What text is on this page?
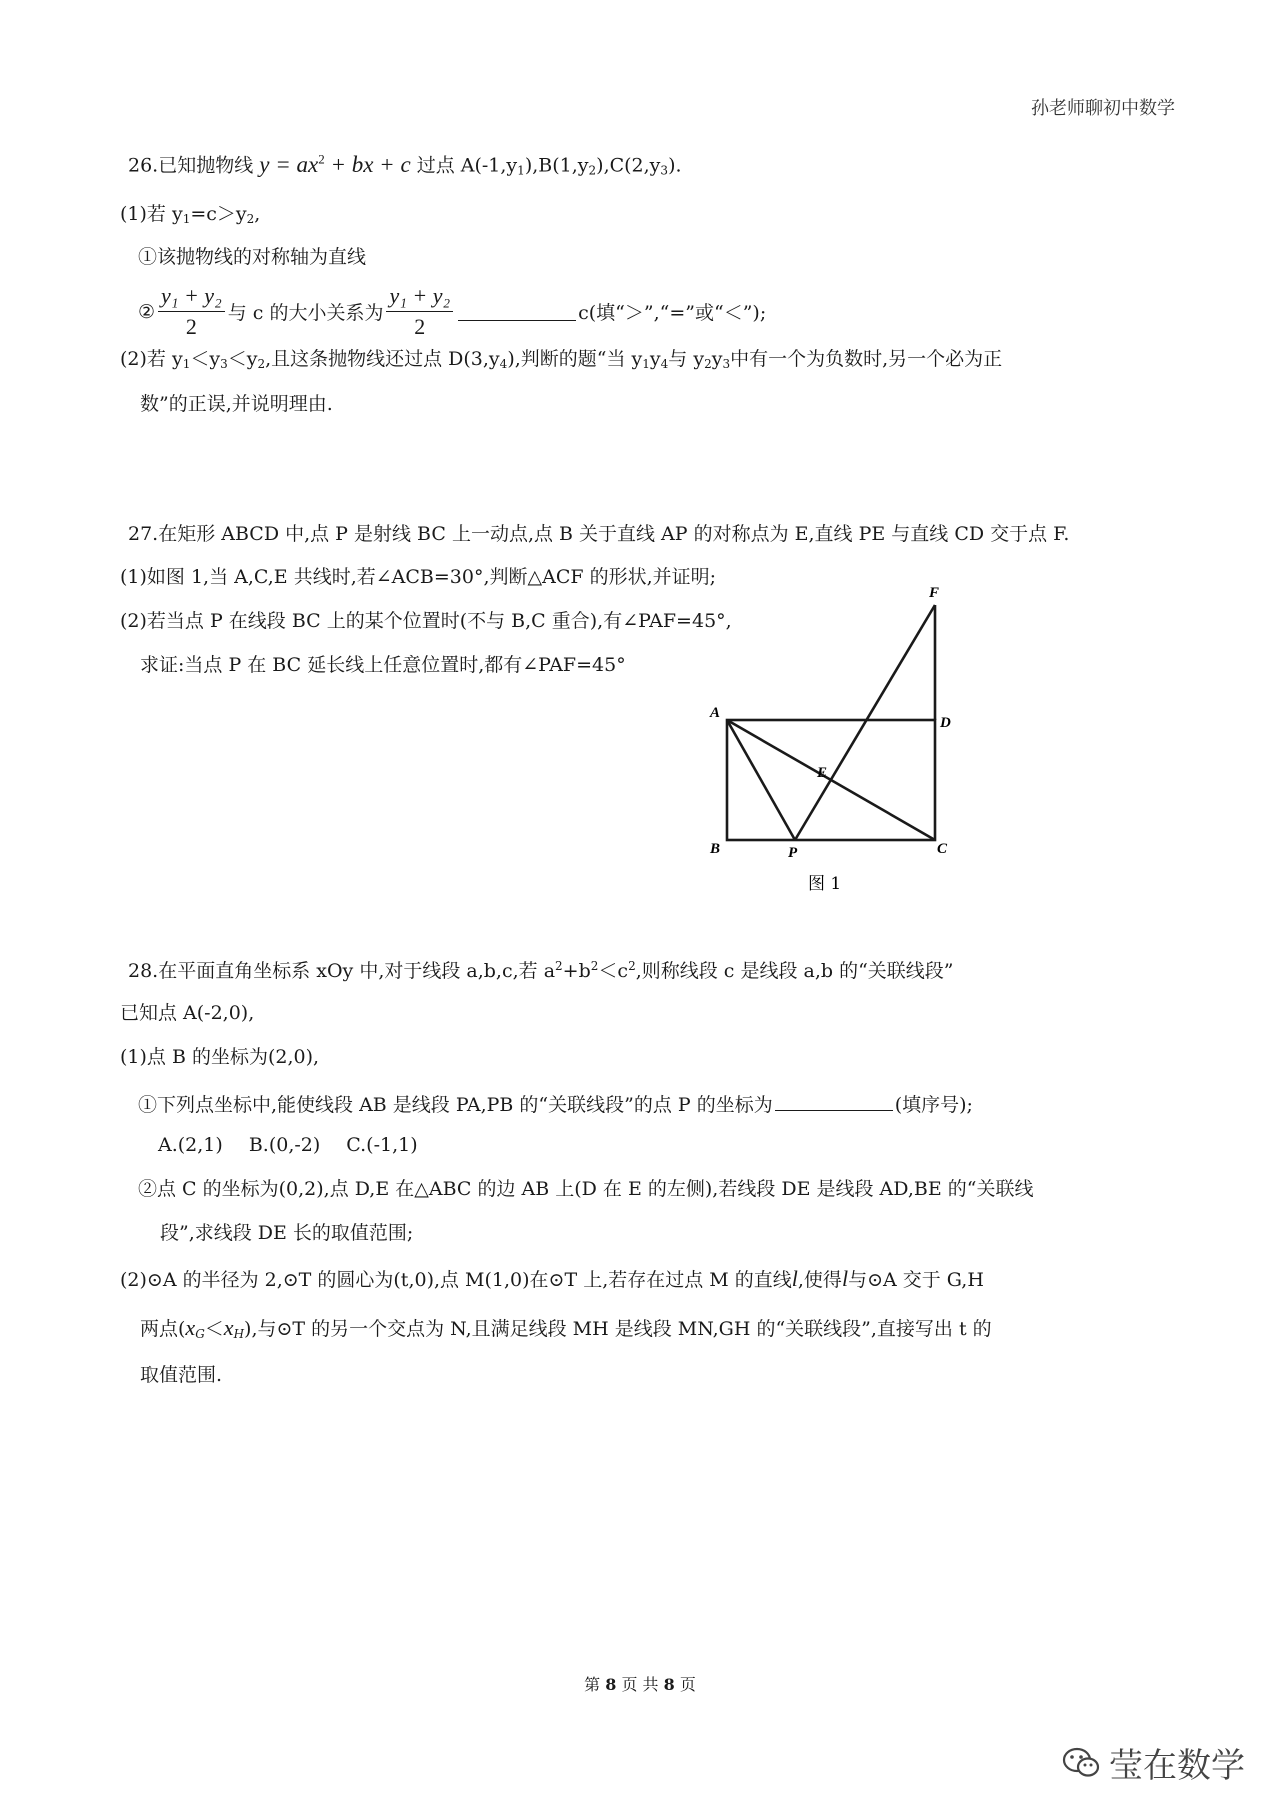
孙老师聊初中数学
26.已知抛物线 $y = ax^2$ + bx + c 过点 $A(-1,y_1),B(1,y_2),C(2,y_3)$.
(1)若 $y_1=c>y_2$,
①该抛物线的对称轴为直线
② $\frac{\text{y₁ + y₂}}{2}$ 与 c 的大小关系为 $\frac{\text{y₁ + y₂}}{2}$	c(填“＞”,“=”或“＜”);
(2)若 $y_1<y_3<y_2$,且这条抛物线还过点 $D(3,y_4)$,判断的题“当 $y_1y_4$与 $y_2y_3$中有一个为负数时,另一个必为正
数”的正误,并说明理由.
27.在矩形 ABCD 中,点 P 是射线 BC 上一动点,点 B 关于直线 AP 的对称点为 E,直线 PE 与直线 CD 交于点 F.
(1)如图 1,当 A,C,E 共线时,若∠ACB=30°,判断△ACF 的形状,并证明;
(2)若当点 P 在线段 BC 上的某个位置时(不与 B,C 重合),有∠PAF=45°,
求证:当点 P 在 BC 延长线上任意位置时,都有∠PAF=45°
A
D
E
F
B	P	C
图 1
28.在平面直角坐标系 xOy 中,对于线段 a,b,c,若 $a^2+b^2<c^2$,则称线段 c 是线段 a,b 的“关联线段”
已知点 A(-2,0),
(1)点 B 的坐标为(2,0),
①下列点坐标中,能使线段 AB 是线段 PA,PB 的“关联线段”的点 P 的坐标为	(填序号);
A.(2,1) B.(0,-2) C.(-1,1)
②点 C 的坐标为(0,2),点 D,E 在△ABC 的边 AB 上(D 在 E 的左侧),若线段 DE 是线段 AD,BE 的“关联线
段”,求线段 DE 长的取值范围;
(2)⊙A 的半径为 2,⊙T 的圆心为(t,0),点 M(1,0)在⊙T 上,若存在过点 M 的直线l,使得l与⊙A 交于 G,H
两点$(x_G<x_H)$,与⊙T 的另一个交点为 N,且满足线段 MH 是线段 MN,GH 的“关联线段”,直接写出 t 的
取值范围.
第 8 页 共 8 页
莹在数学
